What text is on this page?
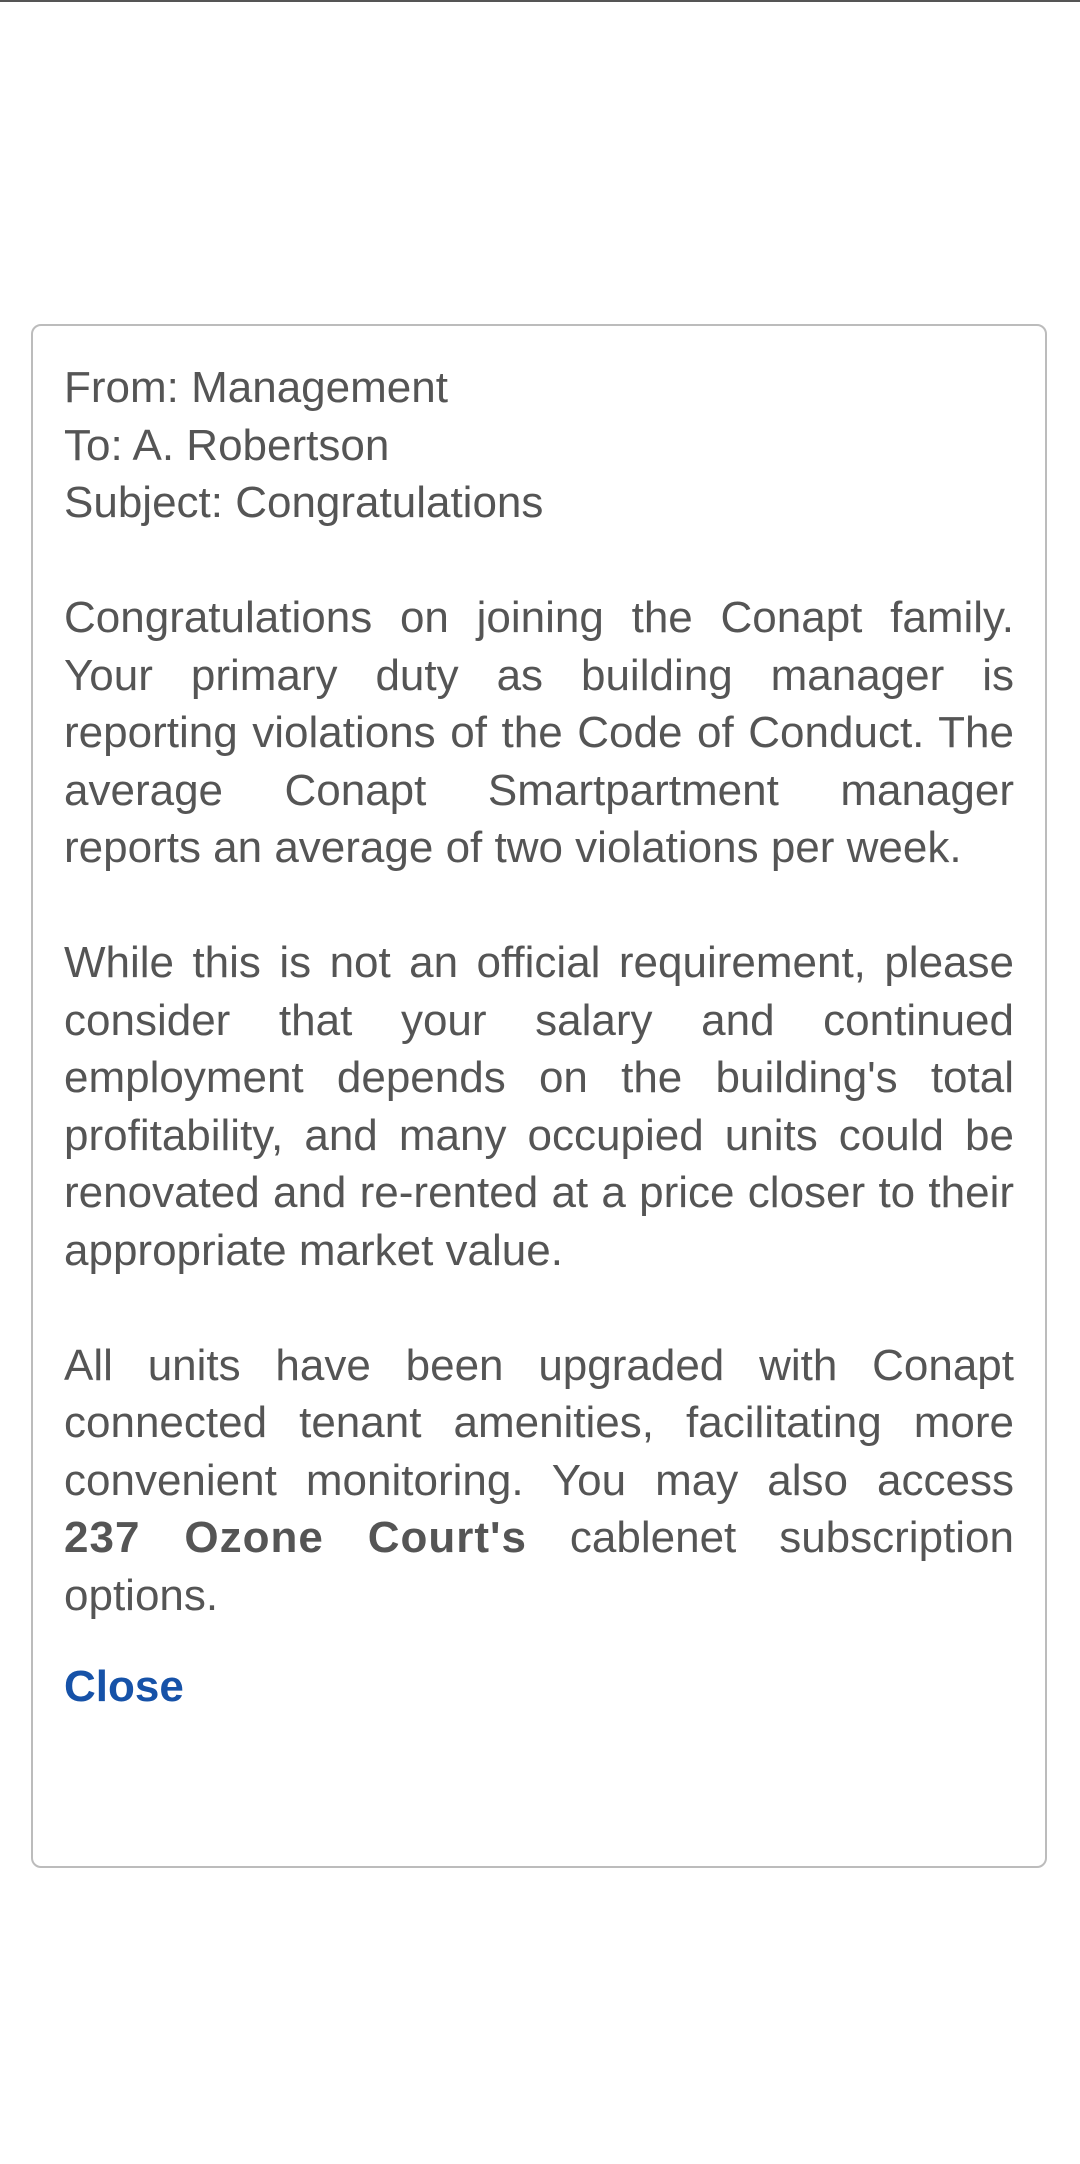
From: Management
To: A. Robertson
Subject: Congratulations

Congratulations on joining the Conapt family. Your primary duty as building manager is reporting violations of the Code of Conduct. The average Conapt Smartpartment manager reports an average of two violations per week.

While this is not an official requirement, please consider that your salary and continued employment depends on the building's total profitability, and many occupied units could be renovated and re-rented at a price closer to their appropriate market value.

All units have been upgraded with Conapt connected tenant amenities, facilitating more convenient monitoring. You may also access 237 Ozone Court's cablenet subscription options.

Close
